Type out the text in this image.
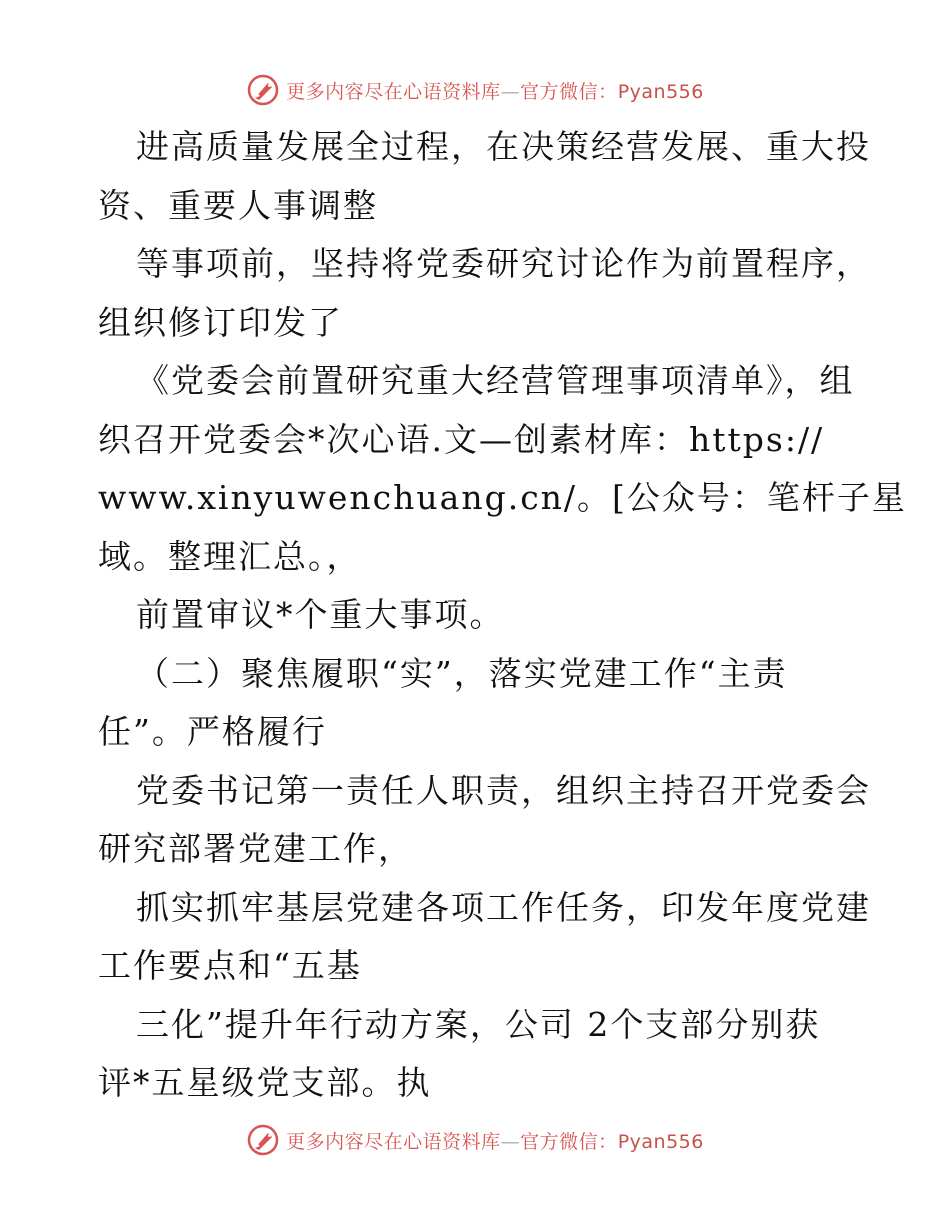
更多内容尽在心语资料库—官方微信：Pyan556
进高质量发展全过程，在决策经营发展、重大投
资、重要人事调整
等事项前，坚持将党委研究讨论作为前置程序，
组织修订印发了
《党委会前置研究重大经营管理事项清单》，组
织召开党委会*次心语.文—创素材库：https://
www.xinyuwenchuang.cn/。[公众号：笔杆子星
域。整理汇总。，
前置审议*个重大事项。
（二）聚焦履职“实”，落实党建工作“主责
任”。严格履行
党委书记第一责任人职责，组织主持召开党委会
研究部署党建工作，
抓实抓牢基层党建各项工作任务，印发年度党建
工作要点和“五基
三化”提升年行动方案，公司 2个支部分别获
评*五星级党支部。执
更多内容尽在心语资料库—官方微信：Pyan556
